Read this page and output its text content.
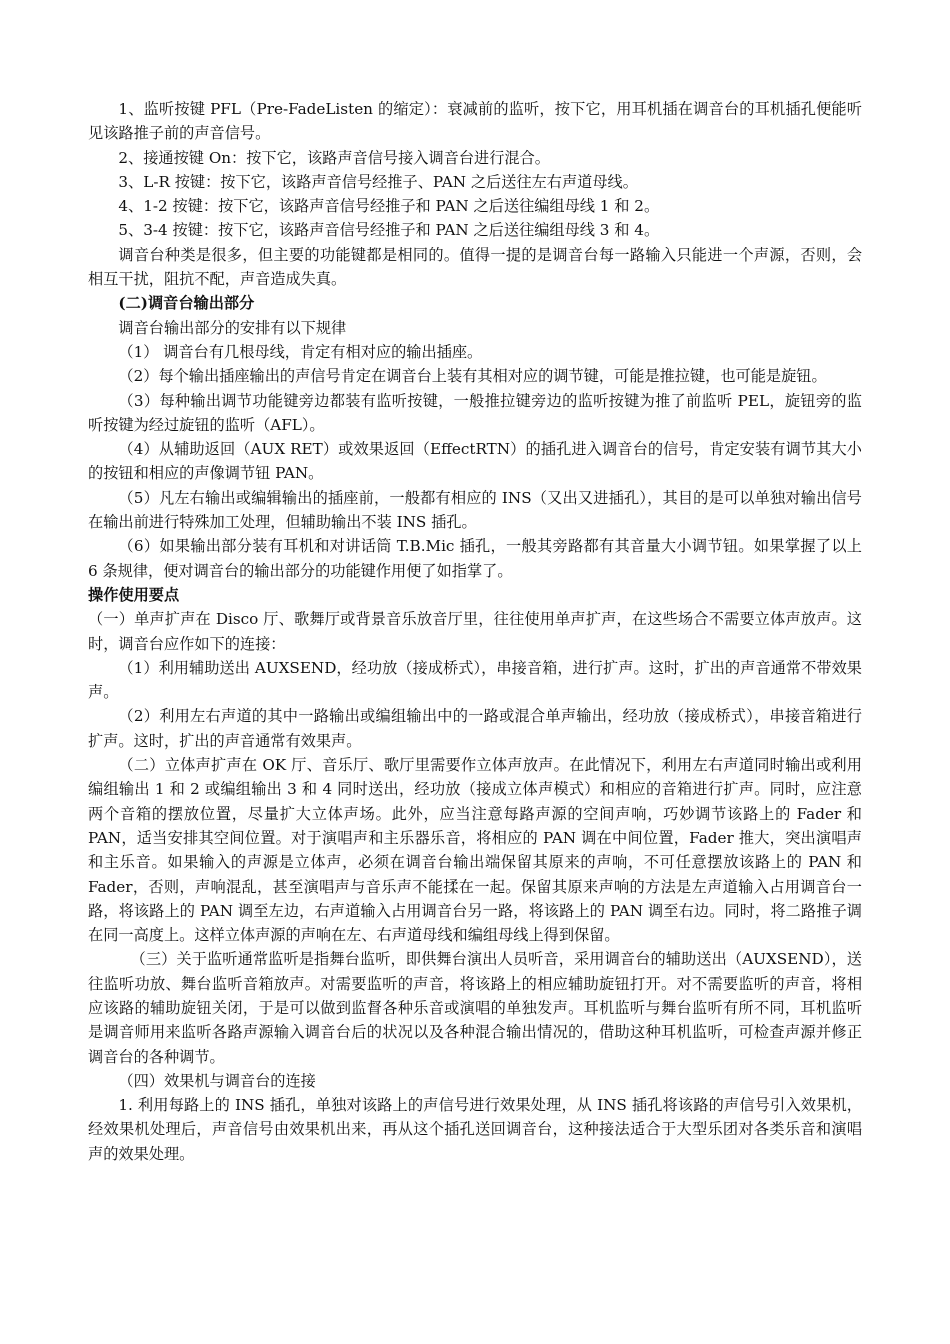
1、监听按键 PFL（Pre-FadeListen 的缩定）：衰减前的监听，按下它，用耳机插在调音台的耳机插孔便能听见该路推子前的声音信号。

2、接通按键 On：按下它，该路声音信号接入调音台进行混合。

3、L-R 按键：按下它，该路声音信号经推子、PAN 之后送往左右声道母线。

4、1-2 按键：按下它，该路声音信号经推子和 PAN 之后送往编组母线 1 和 2。

5、3-4 按键：按下它，该路声音信号经推子和 PAN 之后送往编组母线 3 和 4。

调音台种类是很多，但主要的功能键都是相同的。值得一提的是调音台每一路输入只能进一个声源，否则，会相互干扰，阻抗不配，声音造成失真。

(二)调音台输出部分

调音台输出部分的安排有以下规律

（1） 调音台有几根母线，肯定有相对应的输出插座。

（2）每个输出插座输出的声信号肯定在调音台上装有其相对应的调节键，可能是推拉键，也可能是旋钮。

（3）每种输出调节功能键旁边都装有监听按键，一般推拉键旁边的监听按键为推了前监听 PEL，旋钮旁的监听按键为经过旋钮的监听（AFL）。

（4）从辅助返回（AUX RET）或效果返回（EffectRTN）的插孔进入调音台的信号，肯定安装有调节其大小的按钮和相应的声像调节钮 PAN。

（5）凡左右输出或编辑输出的插座前，一般都有相应的 INS（又出又进插孔），其目的是可以单独对输出信号在输出前进行特殊加工处理，但辅助输出不装 INS 插孔。

（6）如果输出部分装有耳机和对讲话筒 T.B.Mic 插孔，一般其旁路都有其音量大小调节钮。如果掌握了以上 6 条规律，便对调音台的输出部分的功能键作用便了如指掌了。

操作使用要点

（一）单声扩声在 Disco 厅、歌舞厅或背景音乐放音厅里，往往使用单声扩声，在这些场合不需要立体声放声。这时，调音台应作如下的连接：

（1）利用辅助送出 AUXSEND，经功放（接成桥式），串接音箱，进行扩声。这时，扩出的声音通常不带效果声。

（2）利用左右声道的其中一路输出或编组输出中的一路或混合单声输出，经功放（接成桥式），串接音箱进行扩声。这时，扩出的声音通常有效果声。

（二）立体声扩声在 OK 厅、音乐厅、歌厅里需要作立体声放声。在此情况下，利用左右声道同时输出或利用编组输出 1 和 2 或编组输出 3 和 4 同时送出，经功放（接成立体声模式）和相应的音箱进行扩声。同时，应注意两个音箱的摆放位置，尽量扩大立体声场。此外，应当注意每路声源的空间声响，巧妙调节该路上的 Fader 和 PAN，适当安排其空间位置。对于演唱声和主乐器乐音，将相应的 PAN 调在中间位置，Fader 推大，突出演唱声和主乐音。如果输入的声源是立体声，必须在调音台输出端保留其原来的声响，不可任意摆放该路上的 PAN 和 Fader，否则，声响混乱，甚至演唱声与音乐声不能揉在一起。保留其原来声响的方法是左声道输入占用调音台一路，将该路上的 PAN 调至左边，右声道输入占用调音台另一路，将该路上的 PAN 调至右边。同时，将二路推子调在同一高度上。这样立体声源的声响在左、右声道母线和编组母线上得到保留。

（三）关于监听通常监听是指舞台监听，即供舞台演出人员听音，采用调音台的辅助送出（AUXSEND），送往监听功放、舞台监听音箱放声。对需要监听的声音，将该路上的相应辅助旋钮打开。对不需要监听的声音，将相应该路的辅助旋钮关闭，于是可以做到监督各种乐音或演唱的单独发声。耳机监听与舞台监听有所不同，耳机监听是调音师用来监听各路声源输入调音台后的状况以及各种混合输出情况的，借助这种耳机监听，可检查声源并修正调音台的各种调节。

（四）效果机与调音台的连接

1. 利用每路上的 INS 插孔，单独对该路上的声信号进行效果处理，从 INS 插孔将该路的声信号引入效果机，经效果机处理后，声音信号由效果机出来，再从这个插孔送回调音台，这种接法适合于大型乐团对各类乐音和演唱声的效果处理。
